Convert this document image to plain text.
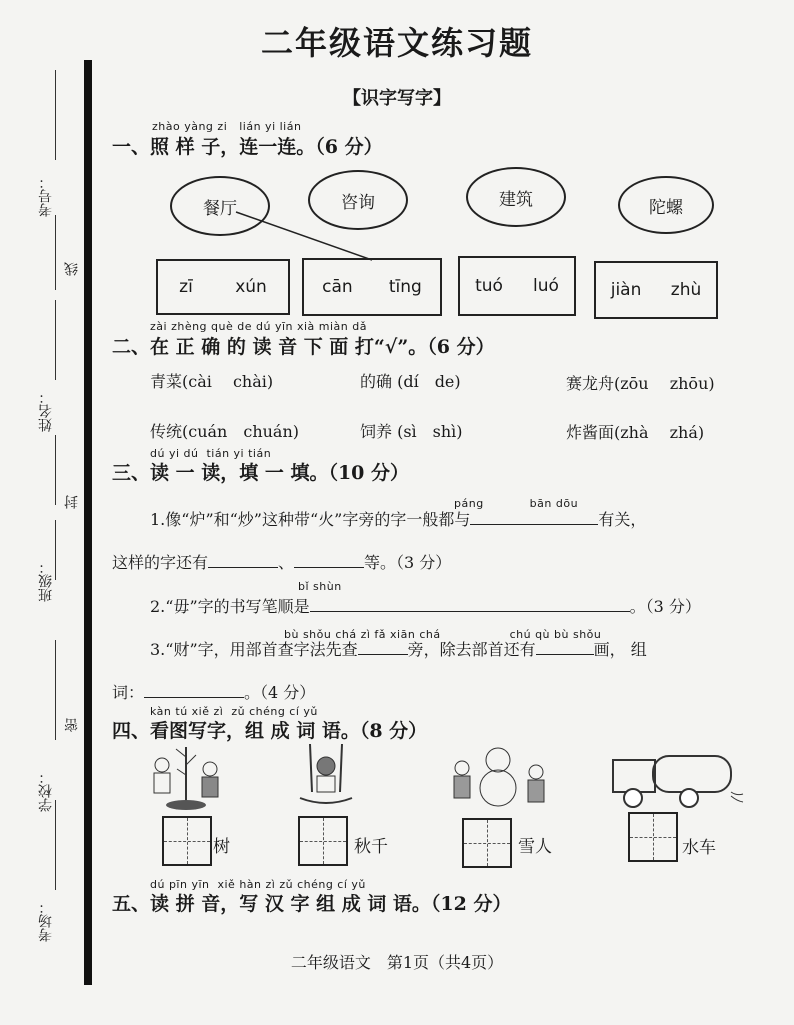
考号：
线
姓名：
封
班级：
密
学校：
考场：
二年级语文练习题
【识字写字】
zhào yàng zi   lián yi lián
一、照 样 子，连一连。（6 分）
餐厅	咨询	建筑	陀螺
zī xún	cān tīng	tuó luó	jiàn zhù
zài zhèng què de dú yīn xià miàn dǎ
二、在 正 确 的 读 音 下 面 打“√”。（6 分）
青菜(cài　 chài)	的确 (dí　de)	赛龙舟(zōu　 zhōu)
传统(cuán　chuán)	饲养 (sì　shì)	炸酱面(zhà　 zhá)
dú yi dú  tián yi tián
三、读 一 读，填 一 填。（10 分）
páng　　　　bān dōu
1.像“炉”和“炒”这种带“火”字旁的字一般都与	有关，
这样的字还有	、	等。（3 分）
bǐ shùn
2.“毋”字的书写笔顺是	。（3 分）
bù shǒu chá zì fǎ xiān chá　　　　　　chú qù bù shǒu
3.“财”字，用部首查字法先查	旁，除去部首还有	画， 组
词：	。（4 分）
kàn tú xiě zì  zǔ chéng cí yǔ
四、看图写字，组 成 词 语。（8 分）
树	秋千	雪人	水车
dú pīn yīn  xiě hàn zì zǔ chéng cí yǔ
五、读 拼 音，写 汉 字 组 成 词 语。（12 分）
二年级语文　第1页（共4页）
